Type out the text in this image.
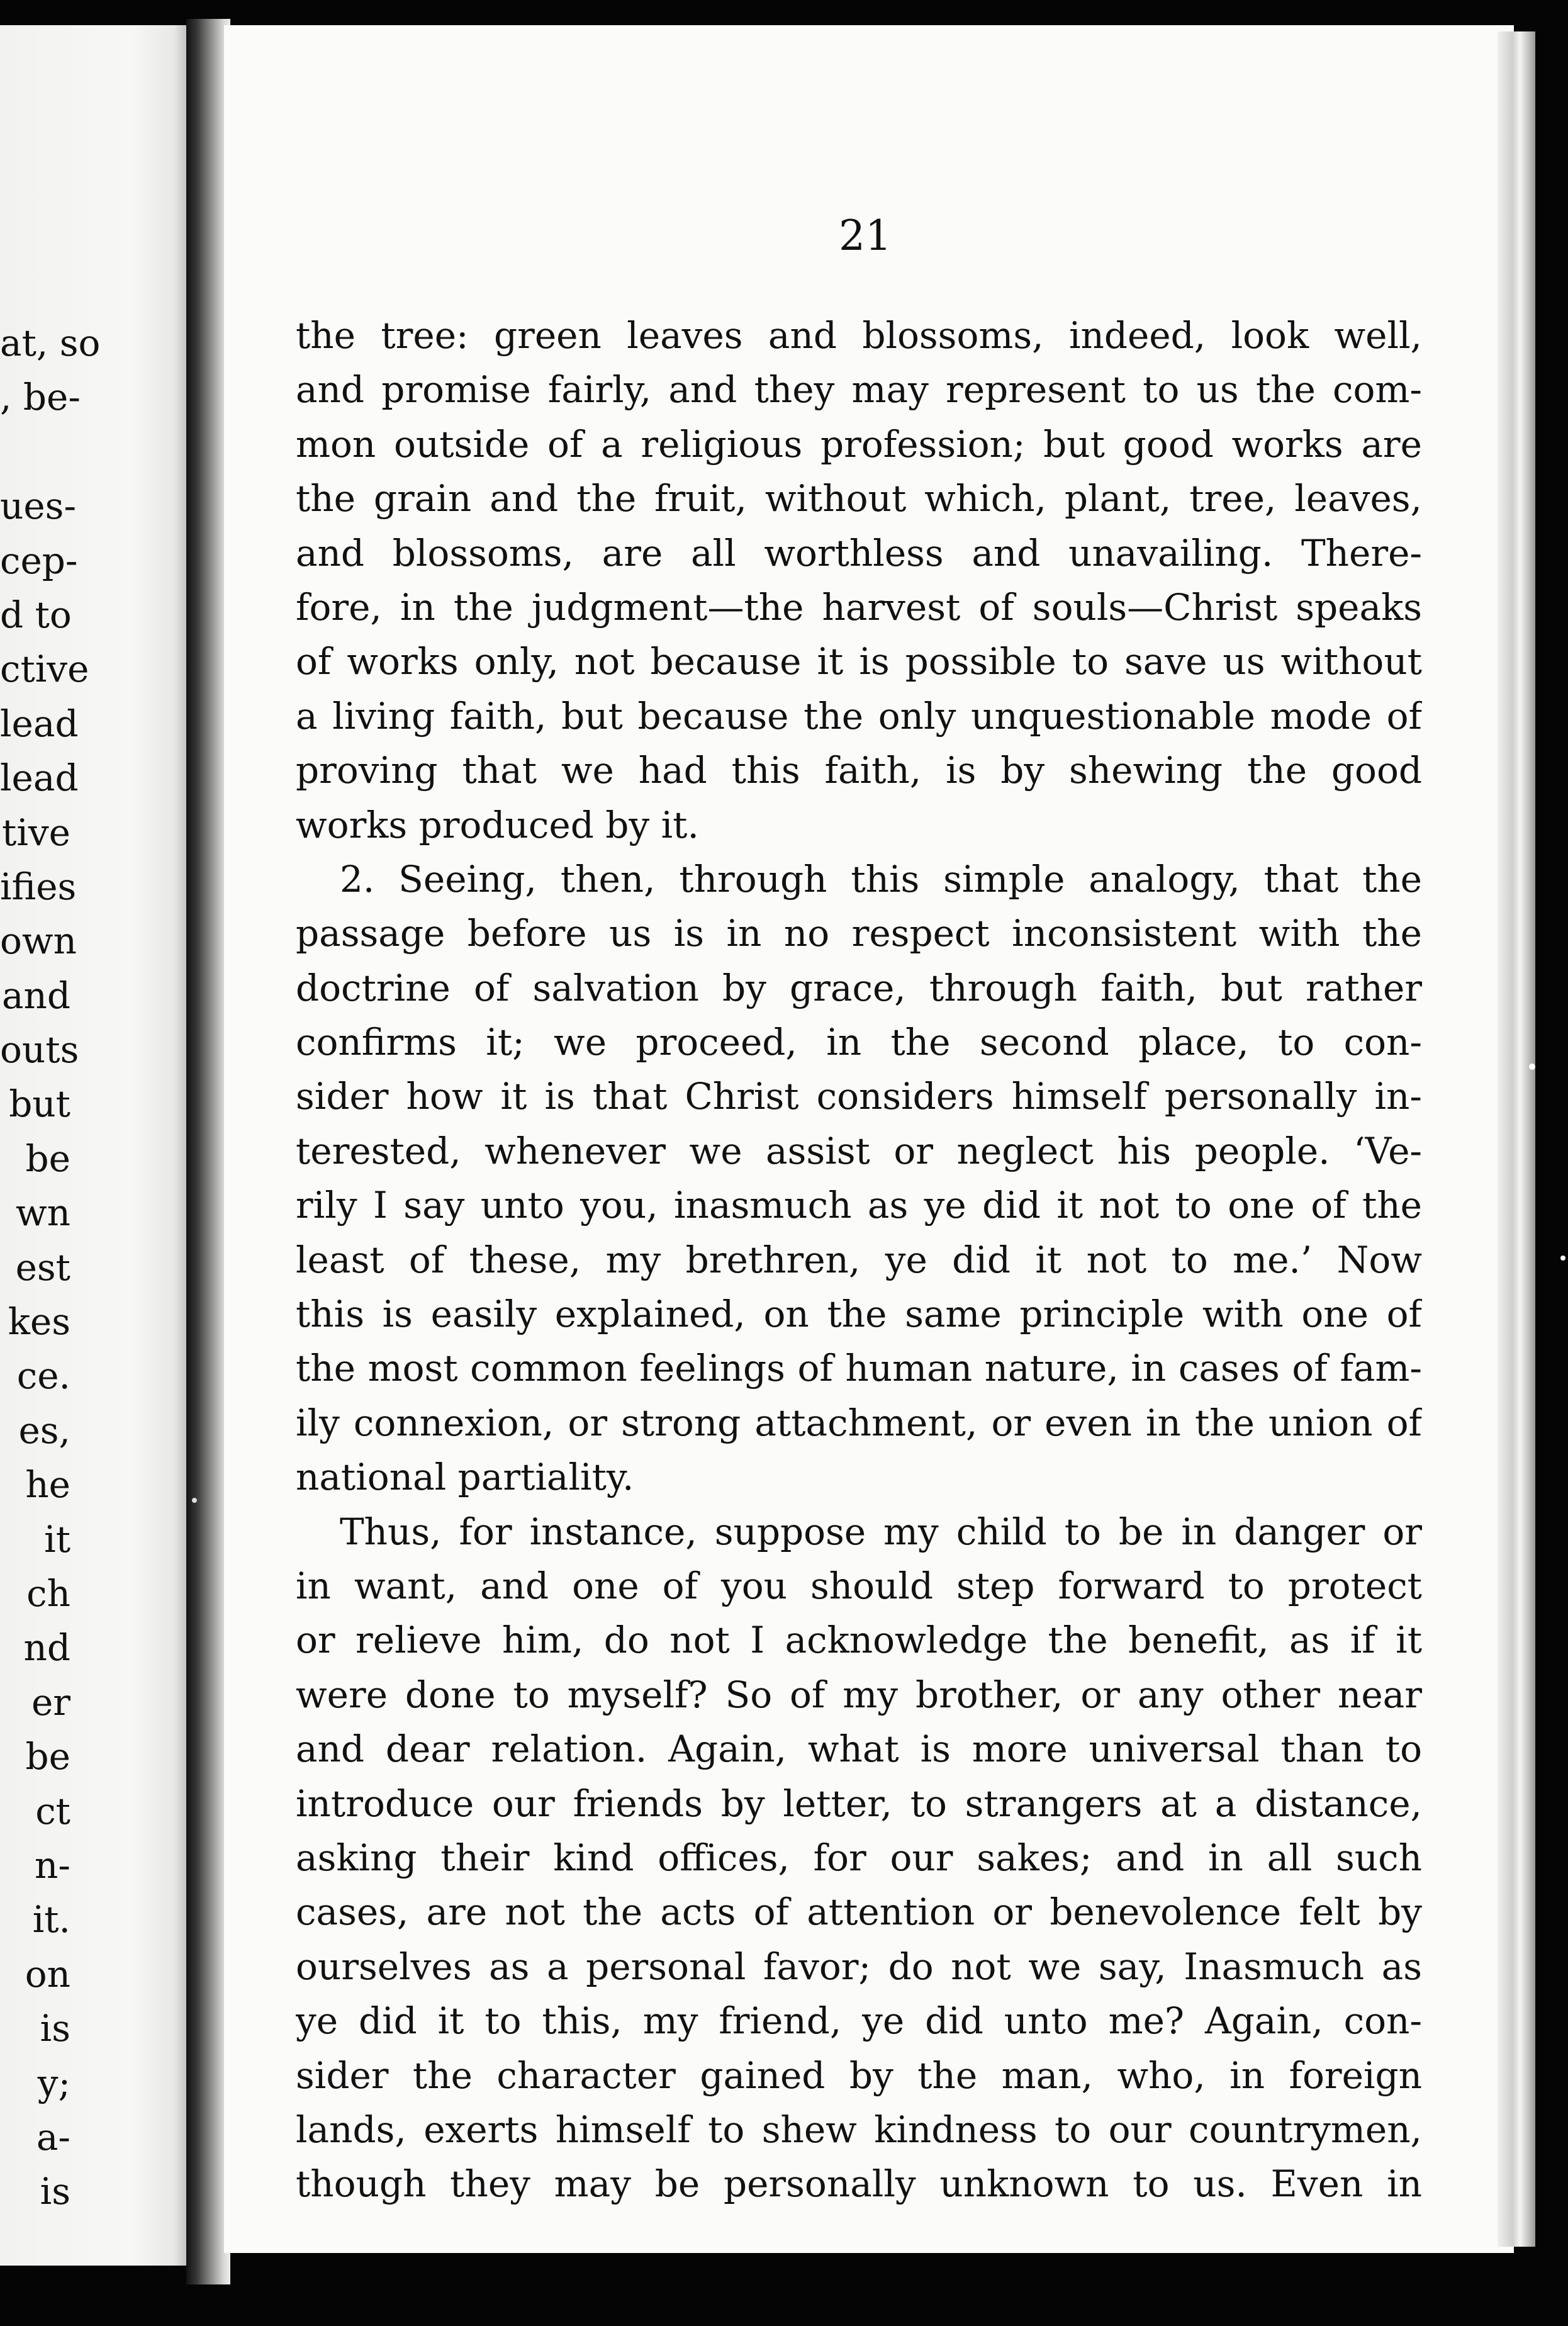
at, so
, be-
ues-
cep-
d to
ctive
lead
lead
tive
ifies
own
and
outs
but
be
wn
est
kes
ce.
es,
he
it
ch
nd
er
be
ct
n-
it.
on
is
y;
a-
is
21
the tree: green leaves and blossoms, indeed, look well,
and promise fairly, and they may represent to us the com-
mon outside of a religious profession; but good works are
the grain and the fruit, without which, plant, tree, leaves,
and blossoms, are all worthless and unavailing. There-
fore, in the judgment—the harvest of souls—Christ speaks
of works only, not because it is possible to save us without
a living faith, but because the only unquestionable mode of
proving that we had this faith, is by shewing the good
works produced by it.
2. Seeing, then, through this simple analogy, that the
passage before us is in no respect inconsistent with the
doctrine of salvation by grace, through faith, but rather
confirms it; we proceed, in the second place, to con-
sider how it is that Christ considers himself personally in-
terested, whenever we assist or neglect his people. ‘Ve-
rily I say unto you, inasmuch as ye did it not to one of the
least of these, my brethren, ye did it not to me.’ Now
this is easily explained, on the same principle with one of
the most common feelings of human nature, in cases of fam-
ily connexion, or strong attachment, or even in the union of
national partiality.
Thus, for instance, suppose my child to be in danger or
in want, and one of you should step forward to protect
or relieve him, do not I acknowledge the benefit, as if it
were done to myself? So of my brother, or any other near
and dear relation. Again, what is more universal than to
introduce our friends by letter, to strangers at a distance,
asking their kind offices, for our sakes; and in all such
cases, are not the acts of attention or benevolence felt by
ourselves as a personal favor; do not we say, Inasmuch as
ye did it to this, my friend, ye did unto me? Again, con-
sider the character gained by the man, who, in foreign
lands, exerts himself to shew kindness to our countrymen,
though they may be personally unknown to us. Even in
